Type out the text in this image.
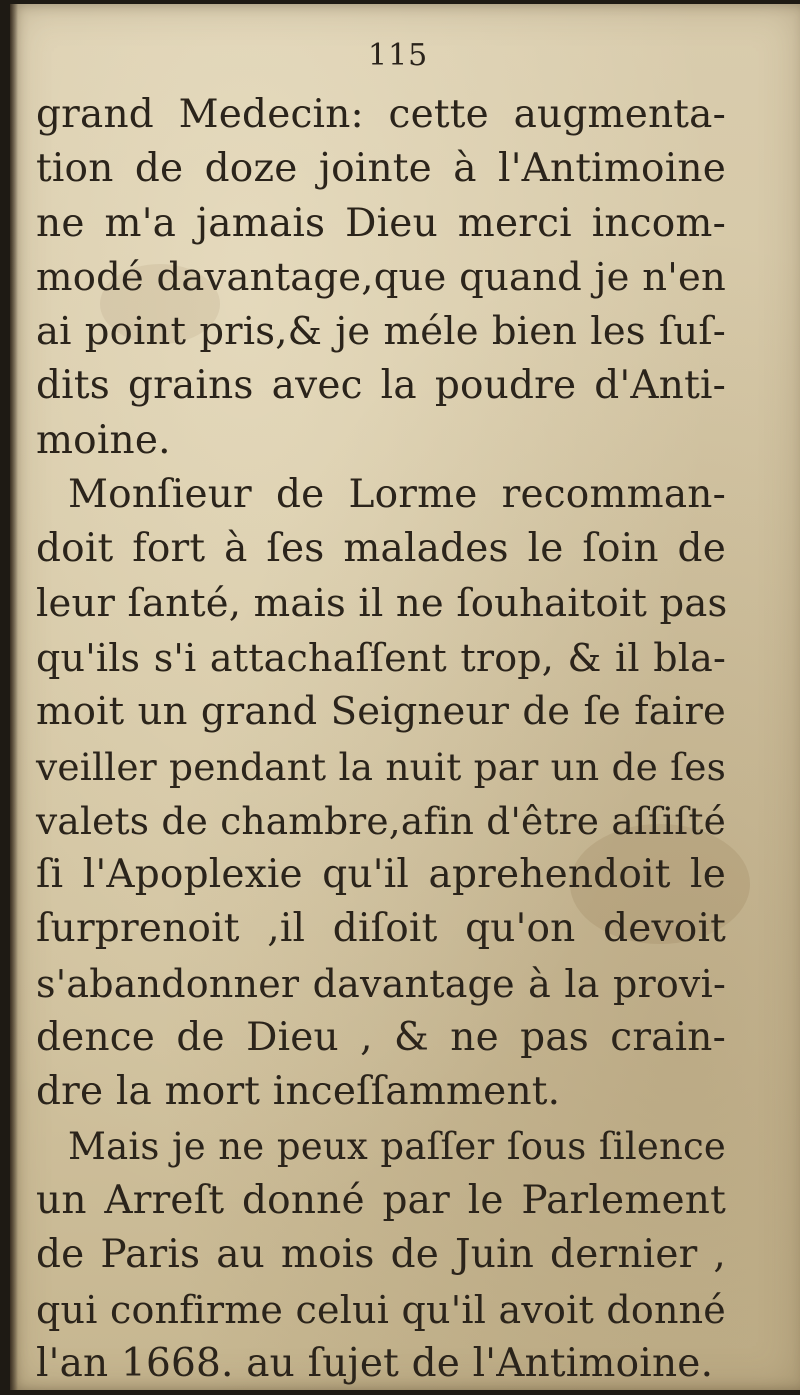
115
grand Medecin: cette augmenta-
tion de doze jointe à l'Antimoine
ne m'a jamais Dieu merci incom-
modé davantage,que quand je n'en
ai point pris,& je méle bien les ſuſ-
dits grains avec la poudre d'Anti-
moine.
Monſieur de Lorme recomman-
doit fort à ſes malades le ſoin de
leur ſanté, mais il ne ſouhaitoit pas
qu'ils s'i attachaſſent trop, & il bla-
moit un grand Seigneur de ſe faire
veiller pendant la nuit par un de ſes
valets de chambre,afin d'être aſſiſté
ſi l'Apoplexie qu'il aprehendoit le
ſurprenoit ,il diſoit qu'on devoit
s'abandonner davantage à la provi-
dence de Dieu , & ne pas crain-
dre la mort inceſſamment.
Mais je ne peux paſſer ſous ſilence
un Arreſt donné par le Parlement
de Paris au mois de Juin dernier ,
qui confirme celui qu'il avoit donné
l'an 1668. au ſujet de l'Antimoine.
